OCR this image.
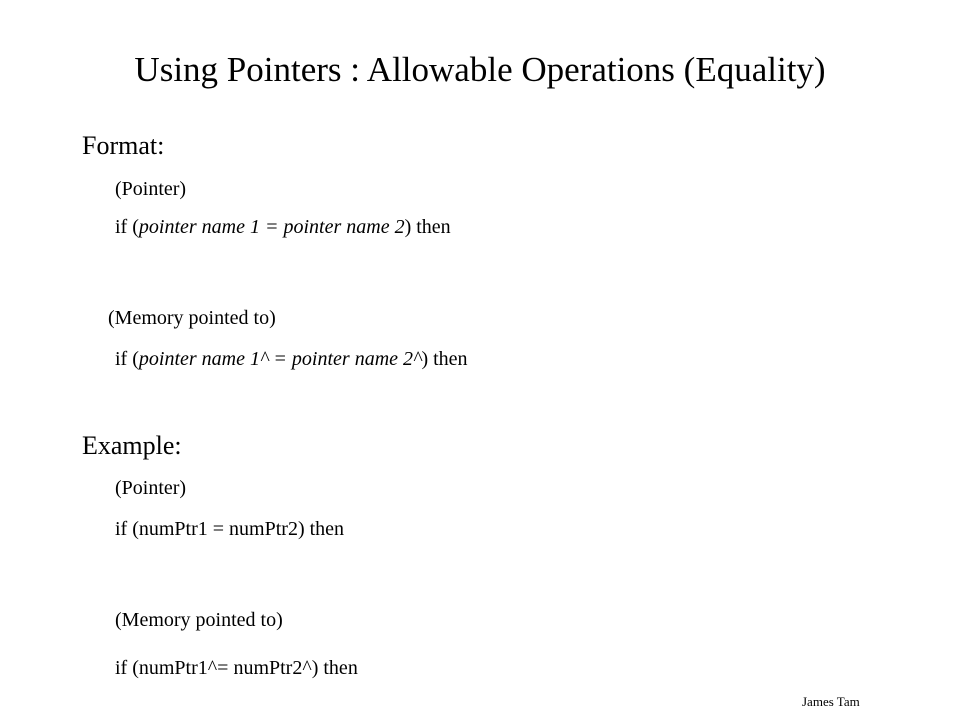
Using Pointers : Allowable Operations (Equality)
Format:
(Pointer)
if (pointer name 1 = pointer name 2) then
(Memory pointed to)
if (pointer name 1^ = pointer name 2^) then
Example:
(Pointer)
if (numPtr1 = numPtr2) then
(Memory pointed to)
if (numPtr1^= numPtr2^) then
James Tam
